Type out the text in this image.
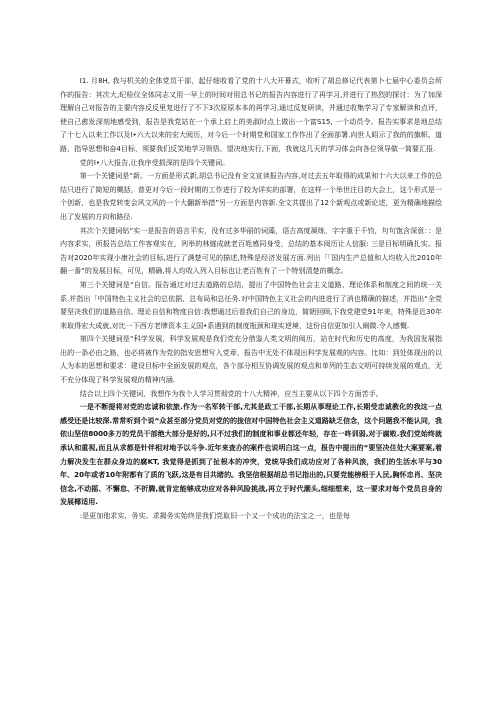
I1. 月8H, 我与机关的全体党员干部，起仔细收看了党的十八大开幕式，收听了胡总修记代表第卜七届中心委员会所作的报告：其次大,纪检仪全体同志又用一早上的时间对用总书记的报告内容进行了再学习,并进行了热烈的探讨：为了加深理解自己对报告的主要内容反反里复进行了不下3次原原本本的再学习,通过反复研读，并通过收集学习了专家解读和点评，使自己愈发深刻地感受到，报告是我党站在一个承上启上的美淑时点上做出一个富S15, 一个动员令。报告实事求是地总结了十七入以来工作以及I•六大以来的宏大阅历，对今后一个时期党和国家工作作出了全面部署.向世人昭示了我的的旗帜、道路、指导思想和奋4目标，须要我们反笑地学习领悟、望决地实行,下面，我就这几天的学习体会向各位领导做一简要汇报.

党的I•八大报告,让我序受损深的是四个关键词。

第一个关键词是“新。一方面是形式新,胡总书记没有全文宣读报告内容,对过去五年取得的成果和十六大以来工作的总结只进行了简短的概括，普更对今后一段时期的工作进行了较为详实的部署，在这样一个举世注目的大会上，这个形式是一个创新，也是我党转变会风文风的一个大翻新举措”另一方面是内容新.全文共提出了12个新观点或新论述，更为精确地描绘出了发展的方向和路径.

其次个关键词钻“实一是报告的语言平实，没有过多华丽的词藻，语古高度凝练，字字重于千钧，句句饱含深意：：是内容求实，所报告总结工作客观实在，列举的林燧成就老百姓感同身受，总结的基本阅历让人信服: 三是目标明确扎实。报告对2020年实现小康社会的目标,进行了满楚可见的描述,特殊是经济发展方面.列出「「国内生产总值和人均收入比2010年翻一番”的发展目标，可见，精确,将人均收入列入目标也让老百姓有了一个特别清楚的概念。

第三个关键词是“自信。报告通过对过去道路的总结，提出了中国特色社会主义道路、理论体系和制度之间的统一关系.并指出「中国特色主义社会的总依据、总布局和总任务.对中国特色主义社会的内进进行了消也精确的描述，并指出“全党要坚决我们的道路自信、理论自信和物度自信:我想通过后看我们自己的身边，简朝回顾,下我党建党91年来，特殊是近30年来取得宏大成就,对比一下西方老牌资本主义国•系遇到的制度瓶颈和现实逆境，这份自信更加引人阐微.令人感慨.

第四个关键词是“科学发展，科学发展观是我们党充分借鉴人类文明的阅历，站在时代和历史的高度，为我国发展指出的一条必由之路，也必将被作为党的指安思想写入党章，报告中无处不体现出科学发展观的内容。比如：到处体现出的以人为本的思想和要求：建设目标中全面发展的观点，各个部分相互协调发展的观点和单列的生态文明可持续发展的观点，无不充分体现了科学发展观的精神内涵.

结合以上四个关键词，我想作为我个人学习贯彻党的十八大精神，应当主要从以下四个方面苦手。

一是不断提将对党的忠诚和依旅.作为一名军转干部,尤其是政工干部,长期从事理论工作,长期受忠诚教化的我这一点感受还是比较深.常常听到个说“众甚至部分党员对党的的拢信对中国特色社会主义道路缺乏信念，这个问题我不能认同，我依山坚信8000多万的党员干部绝大部分是好的,只不过我们的制度和事业都还年轻，存在一咚训弱,对于腐败.我们党始终就承认和重视,而且从求都是针伴相对地予以斗争.近年来查办的案件也说明白这一点，报告中提出的“要坚决住处大案要案,着力解决发生在群众身边的腐KT, 我觉得是抓到了扯根本的冲突，党统导我们成功应对了各种风浪，我们的生活水平与30年、20年或者10年附都有了质的飞跃,这是有目共睹的。我坚信根据胡总书记指出的,只要党能榜根于人民,胸怀忠肖、坚决信念,不动摇、不懈怠、不折腾,就肯定能够成功应对各种风险挑战,再立于时代潮头,细细想来，这一要求对每个党员自身的发展椰适用.

:是更加他求实、务实。求揭务实始终是我们党取旧一个又一个成功的法宝之一，也是每
